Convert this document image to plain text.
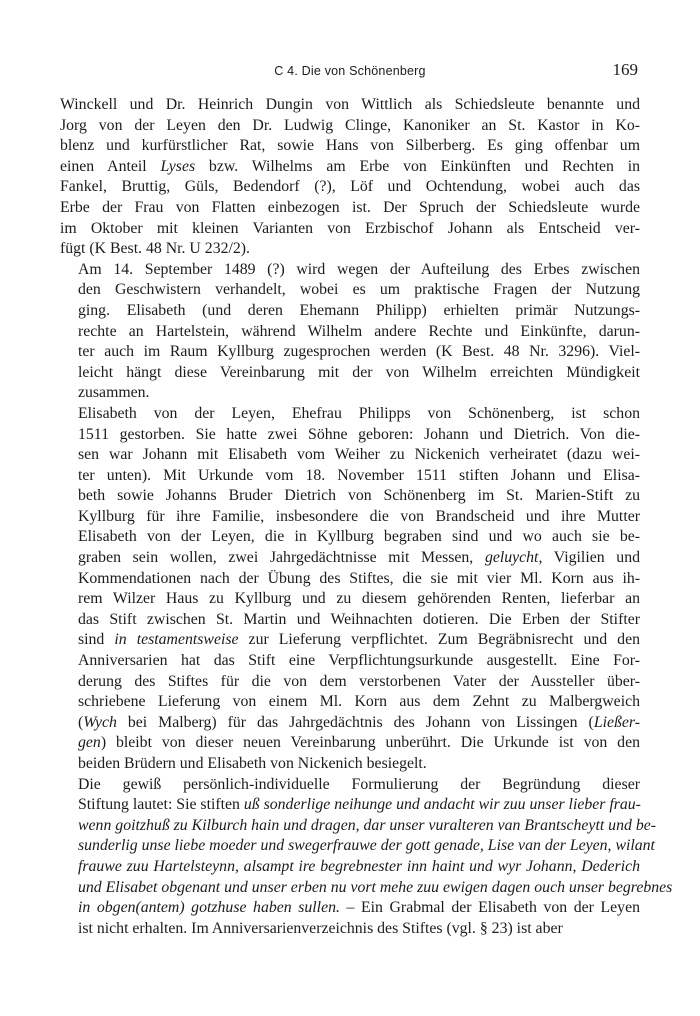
C 4. Die von Schönenberg	169

Winckell und Dr. Heinrich Dungin von Wittlich als Schiedsleute benannte und
Jorg von der Leyen den Dr. Ludwig Clinge, Kanoniker an St. Kastor in Ko-
blenz und kurfürstlicher Rat, sowie Hans von Silberberg. Es ging offenbar um
einen Anteil Lyses bzw. Wilhelms am Erbe von Einkünften und Rechten in
Fankel, Bruttig, Güls, Bedendorf (?), Löf und Ochtendung, wobei auch das
Erbe der Frau von Flatten einbezogen ist. Der Spruch der Schiedsleute wurde
im Oktober mit kleinen Varianten von Erzbischof Johann als Entscheid ver-
fügt (K Best. 48 Nr. U 232/2).

Am 14. September 1489 (?) wird wegen der Aufteilung des Erbes zwischen
den Geschwistern verhandelt, wobei es um praktische Fragen der Nutzung
ging. Elisabeth (und deren Ehemann Philipp) erhielten primär Nutzungs-
rechte an Hartelstein, während Wilhelm andere Rechte und Einkünfte, darun-
ter auch im Raum Kyllburg zugesprochen werden (K Best. 48 Nr. 3296). Viel-
leicht hängt diese Vereinbarung mit der von Wilhelm erreichten Mündigkeit
zusammen.

Elisabeth von der Leyen, Ehefrau Philipps von Schönenberg, ist schon
1511 gestorben. Sie hatte zwei Söhne geboren: Johann und Dietrich. Von die-
sen war Johann mit Elisabeth vom Weiher zu Nickenich verheiratet (dazu wei-
ter unten). Mit Urkunde vom 18. November 1511 stiften Johann und Elisa-
beth sowie Johanns Bruder Dietrich von Schönenberg im St. Marien-Stift zu
Kyllburg für ihre Familie, insbesondere die von Brandscheid und ihre Mutter
Elisabeth von der Leyen, die in Kyllburg begraben sind und wo auch sie be-
graben sein wollen, zwei Jahrgedächtnisse mit Messen, geluycht, Vigilien und
Kommendationen nach der Übung des Stiftes, die sie mit vier Ml. Korn aus ih-
rem Wilzer Haus zu Kyllburg und zu diesem gehörenden Renten, lieferbar an
das Stift zwischen St. Martin und Weihnachten dotieren. Die Erben der Stifter
sind in testamentsweise zur Lieferung verpflichtet. Zum Begräbnisrecht und den
Anniversarien hat das Stift eine Verpflichtungsurkunde ausgestellt. Eine For-
derung des Stiftes für die von dem verstorbenen Vater der Aussteller über-
schriebene Lieferung von einem Ml. Korn aus dem Zehnt zu Malbergweich
(Wych bei Malberg) für das Jahrgedächtnis des Johann von Lissingen (Ließer-
gen) bleibt von dieser neuen Vereinbarung unberührt. Die Urkunde ist von den
beiden Brüdern und Elisabeth von Nickenich besiegelt.

Die gewiß persönlich-individuelle Formulierung der Begründung dieser
Stiftung lautet: Sie stiften uß sonderlige neihunge und andacht wir zuu unser lieber frau-
wenn goitzhuß zu Kilburch hain und dragen, dar unser vuralteren van Brantscheytt und be-
sunderlig unse liebe moeder und swegerfrauwe der gott genade, Lise van der Leyen, wilant
frauwe zuu Hartelsteynn, alsampt ire begrebnester inn haint und wyr Johann, Dederich
und Elisabet obgenant und unser erben nu vort mehe zuu ewigen dagen ouch unser begrebnes
in obgen(antem) gotzhuse haben sullen. – Ein Grabmal der Elisabeth von der Leyen
ist nicht erhalten. Im Anniversarienverzeichnis des Stiftes (vgl. § 23) ist aber
